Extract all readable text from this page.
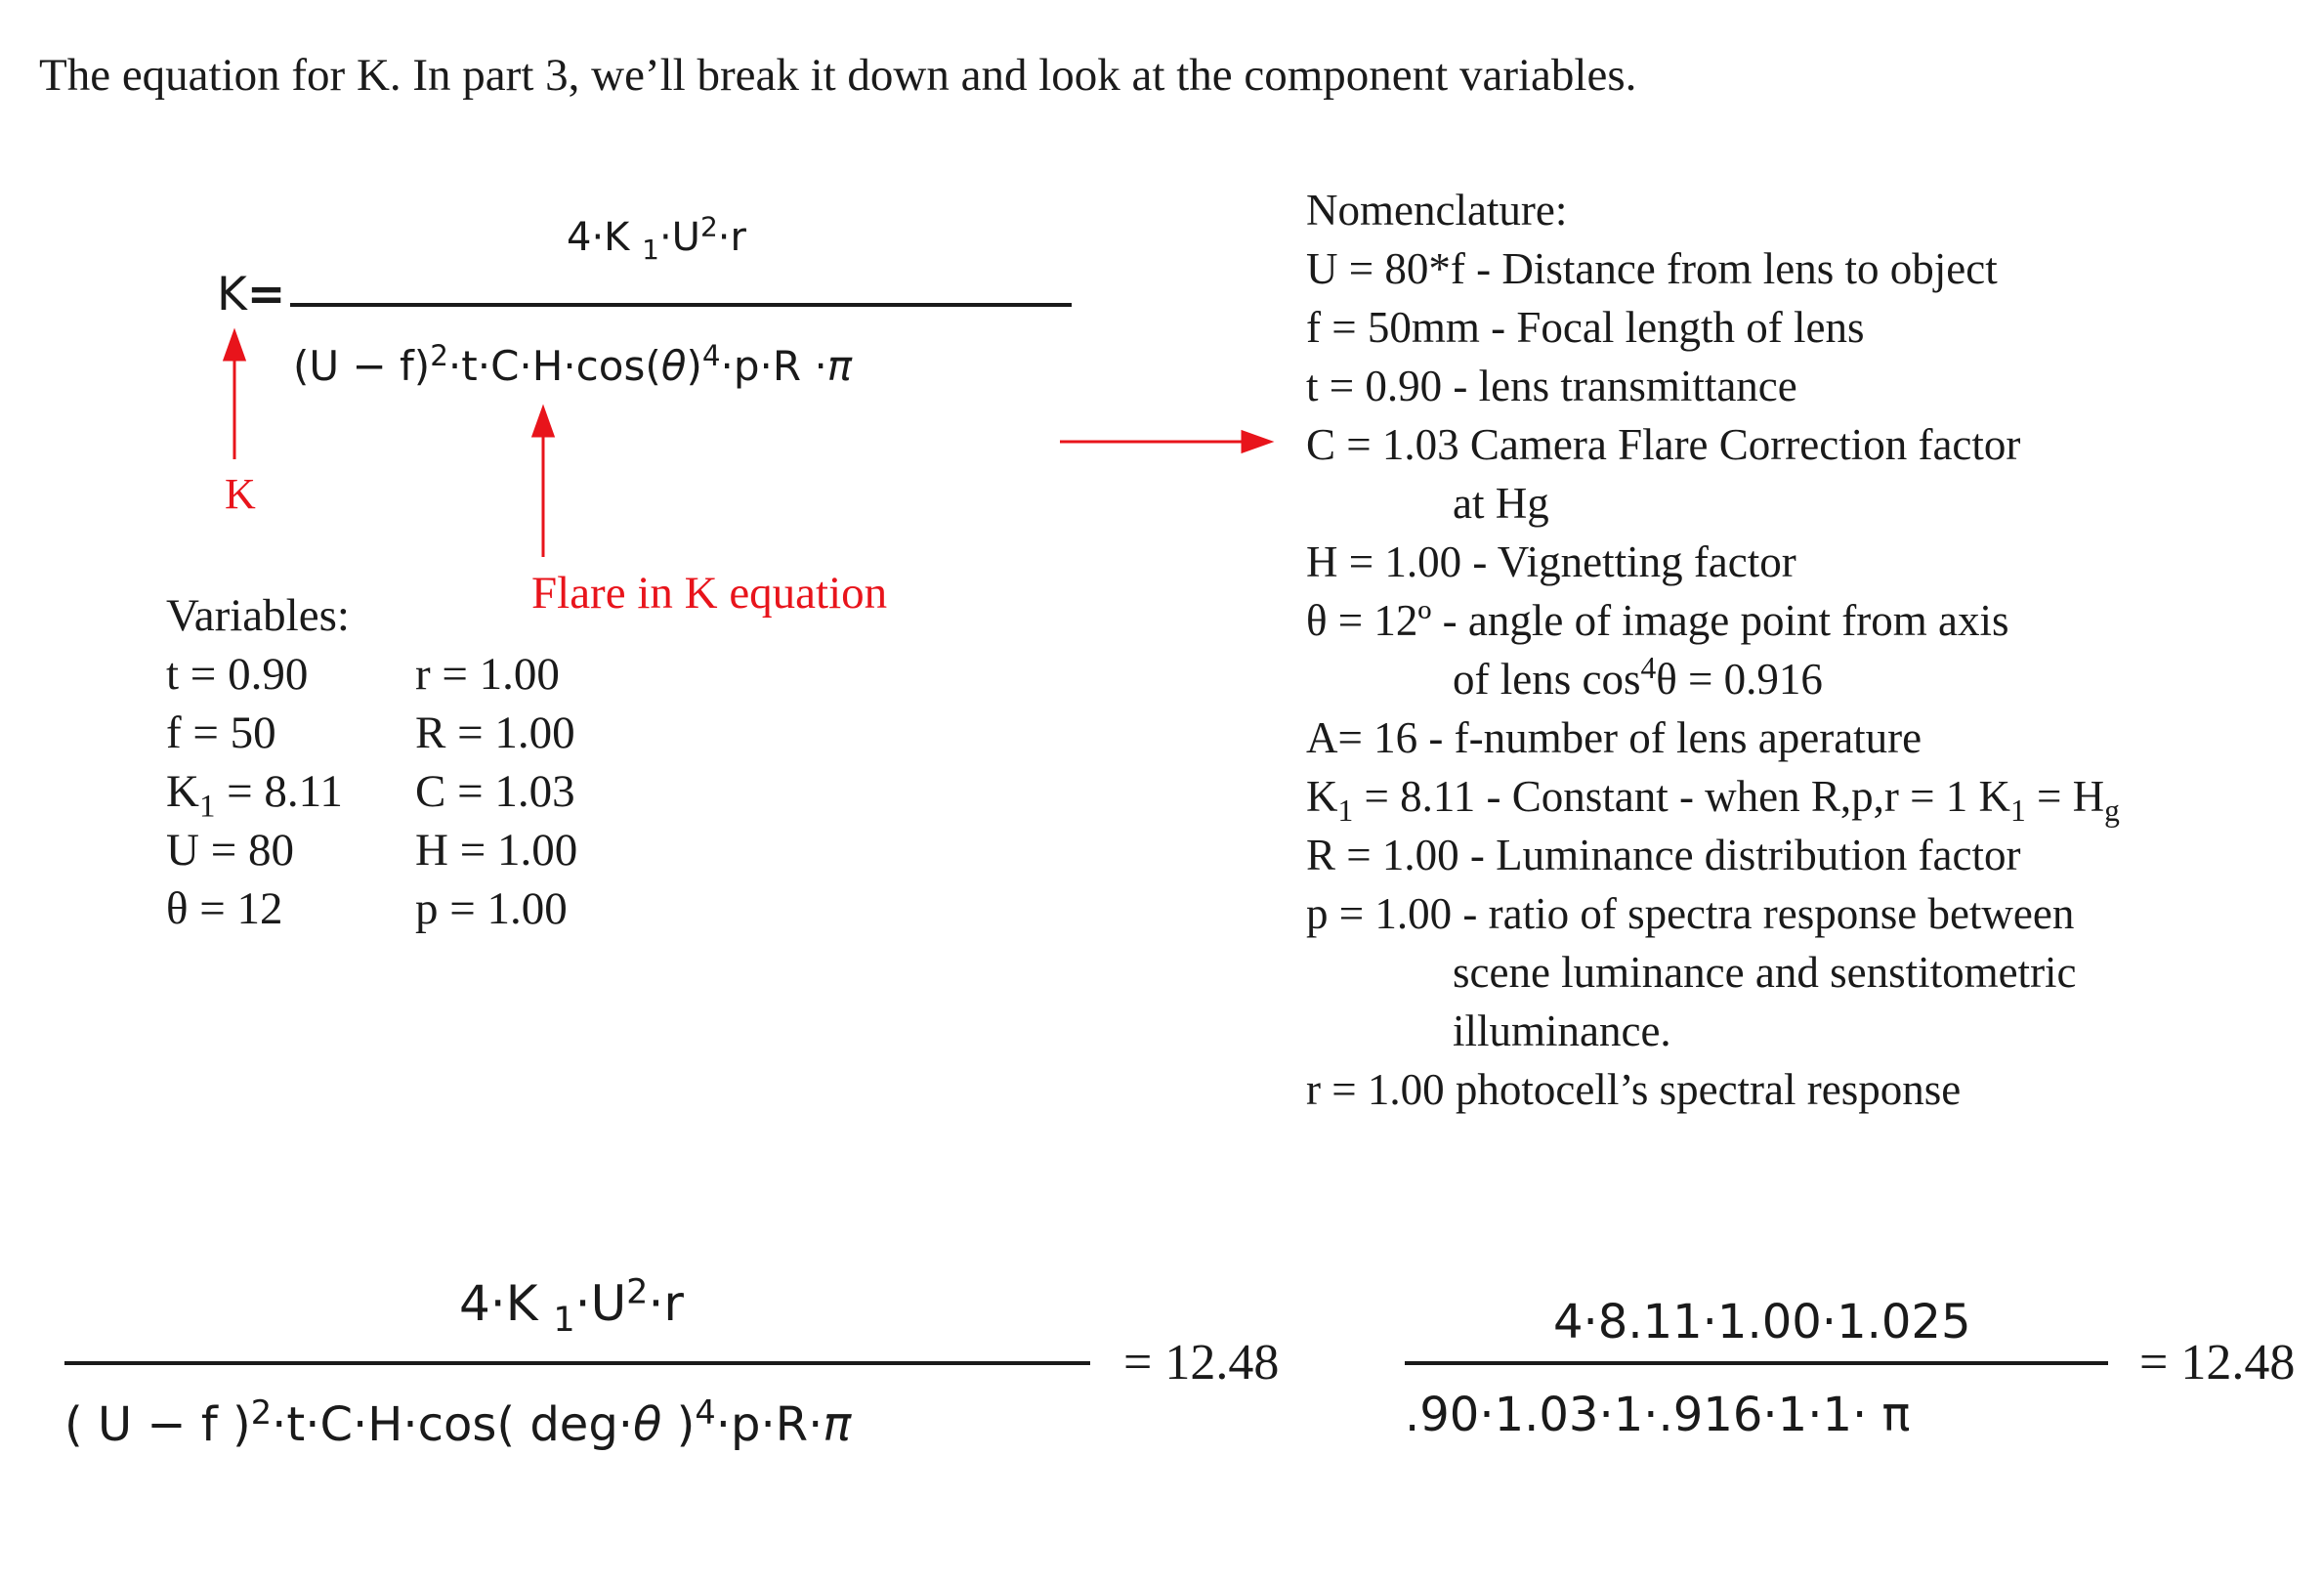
The equation for K. In part 3, we’ll break it down and look at the component variables.
K=
4·K $_1\cdot U^2\cdot r$
$(U - f)^2\cdot t\cdot C\cdot H\cdot\cos(\theta)^4\cdot p\cdot R \cdot\pi$
K
Flare in K equation
Variables:
t = 0.90
f = 50
$K_1 = 8.11$
U = 80
θ = 12
r = 1.00
R = 1.00
C = 1.03
H = 1.00
p = 1.00
Nomenclature:
U = 80*f - Distance from lens to object
f = 50mm - Focal length of lens
t = 0.90 - lens transmittance
C = 1.03 Camera Flare Correction factor
at Hg
H = 1.00 - Vignetting factor
θ = 12º - angle of image point from axis
of lens $\cos^4\theta = 0.916$
A= 16 - f-number of lens aperature
$K_1 = 8.11$ - Constant - when R,p,r = 1 $K_1 = H_g$
R = 1.00 - Luminance distribution factor
p = 1.00 - ratio of spectra response between
scene luminance and senstitometric
illuminance.
r = 1.00 photocell’s spectral response
4·K $_1\cdot U^2\cdot r$
( U − f )$^2$·t·C·H·cos( deg·θ )$^4$·p·R·π
= 12.48
4·8.11·1.00·1.025
.90·1.03·1·.916·1·1· π
= 12.48
